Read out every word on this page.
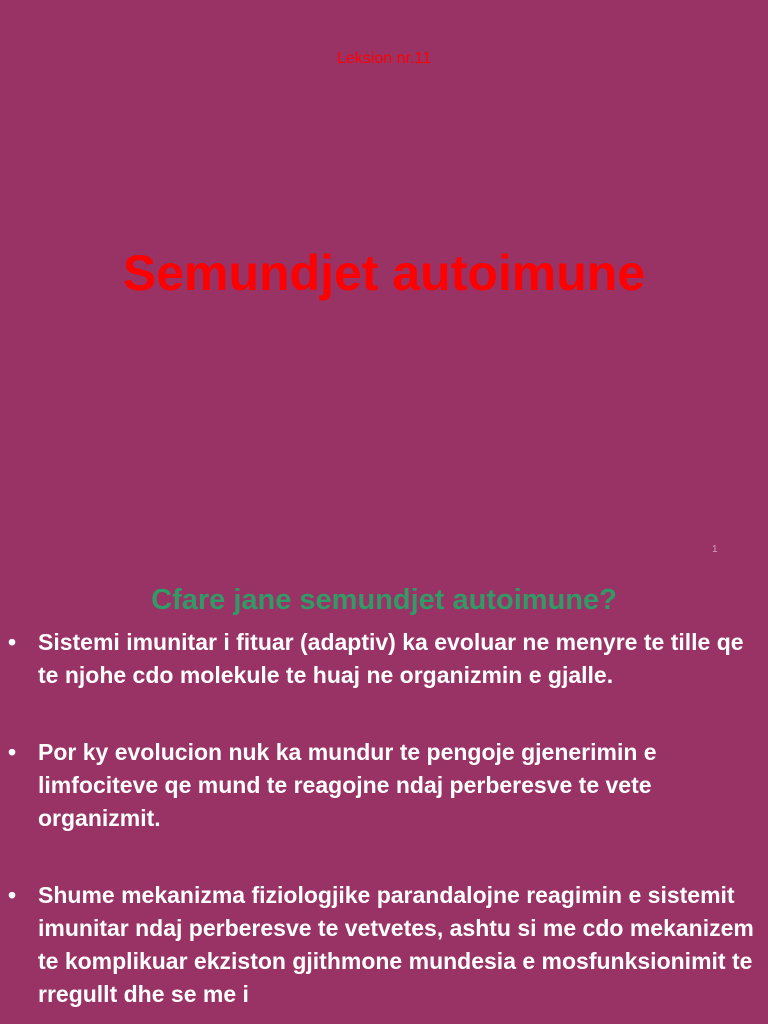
Leksion nr.11
Semundjet autoimune
1
Cfare jane semundjet autoimune?
• Sistemi imunitar i fituar (adaptiv) ka evoluar ne menyre te tille qe te njohe cdo molekule te huaj ne organizmin e gjalle.
• Por ky evolucion nuk ka mundur te pengoje gjenerimin e limfociteve qe mund te reagojne ndaj perberesve te vete organizmit.
• Shume mekanizma fiziologjike parandalojne reagimin e sistemit imunitar ndaj perberesve te vetvetes, ashtu si me cdo mekanizem te komplikuar ekziston gjithmone mundesia e mosfunksionimit te rregullt dhe se me i
